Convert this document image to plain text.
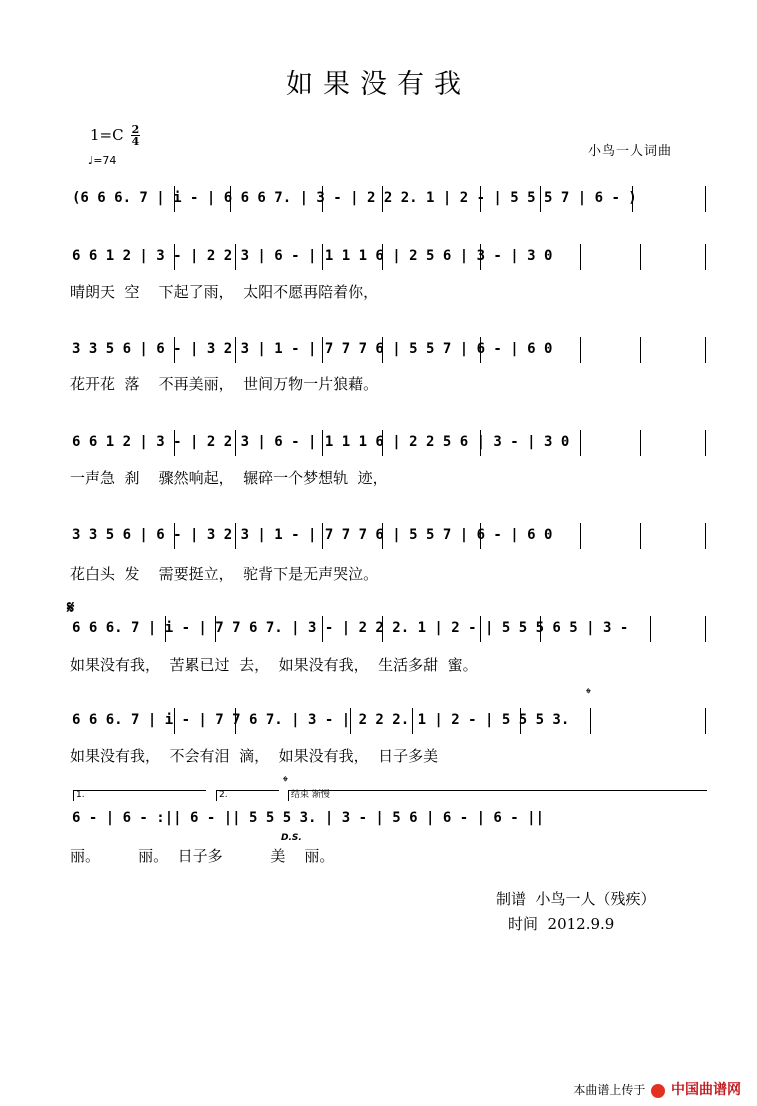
如果没有我
1=C 2
4
♩=74
小鸟一人词曲
(6 6 6. 7 | i - | 6 6 6 7. | 3 - | 2 2 2. 1 | 2 - | 5 5 5 7 | 6 - )
6 6 1 2 | 3 - | 2 2 3 | 6 - | 1 1 1 6 | 2 5 6 | 3 - | 3 0
晴朗天  空    下起了雨，  太阳不愿再陪着你，
3 3 5 6 | 6 - | 3 2 3 | 1 - | 7 7 7 6 | 5 5 7 | 6 - | 6 0
花开花  落    不再美丽，  世间万物一片狼藉。
6 6 1 2 | 3 - | 2 2 3 | 6 - | 1 1 1 6 | 2 2 5 6 | 3 - | 3 0
一声急  刹    骤然响起，  辗碎一个梦想轨  迹，
3 3 5 6 | 6 - | 3 2 3 | 1 - | 7 7 7 6 | 5 5 7 | 6 - | 6 0
花白头  发    需要挺立，  驼背下是无声哭泣。
𝄋
6 6 6. 7 | i - | 7 7 6 7. | 3 - | 2 2 2. 1 | 2 - | 5 5 5 6 5 | 3 -
如果没有我，  苦累已过  去，  如果没有我，  生活多甜  蜜。
𝄌
6 6 6. 7 | i - | 7 7 6 7. | 3 - | 2 2 2. 1 | 2 - | 5 5 5 3.
如果没有我，  不会有泪  滴，  如果没有我，  日子多美
1.	2.
𝄌
结束 渐慢
6 - | 6 - :|| 6 - || 5 5 5 3. | 3 - | 5 6 | 6 - | 6 - ||
D.S.
丽。        丽。  日子多          美    丽。
制谱  小鸟一人（残疾）
时间  2012.9.9
本曲谱上传于 中国曲谱网
